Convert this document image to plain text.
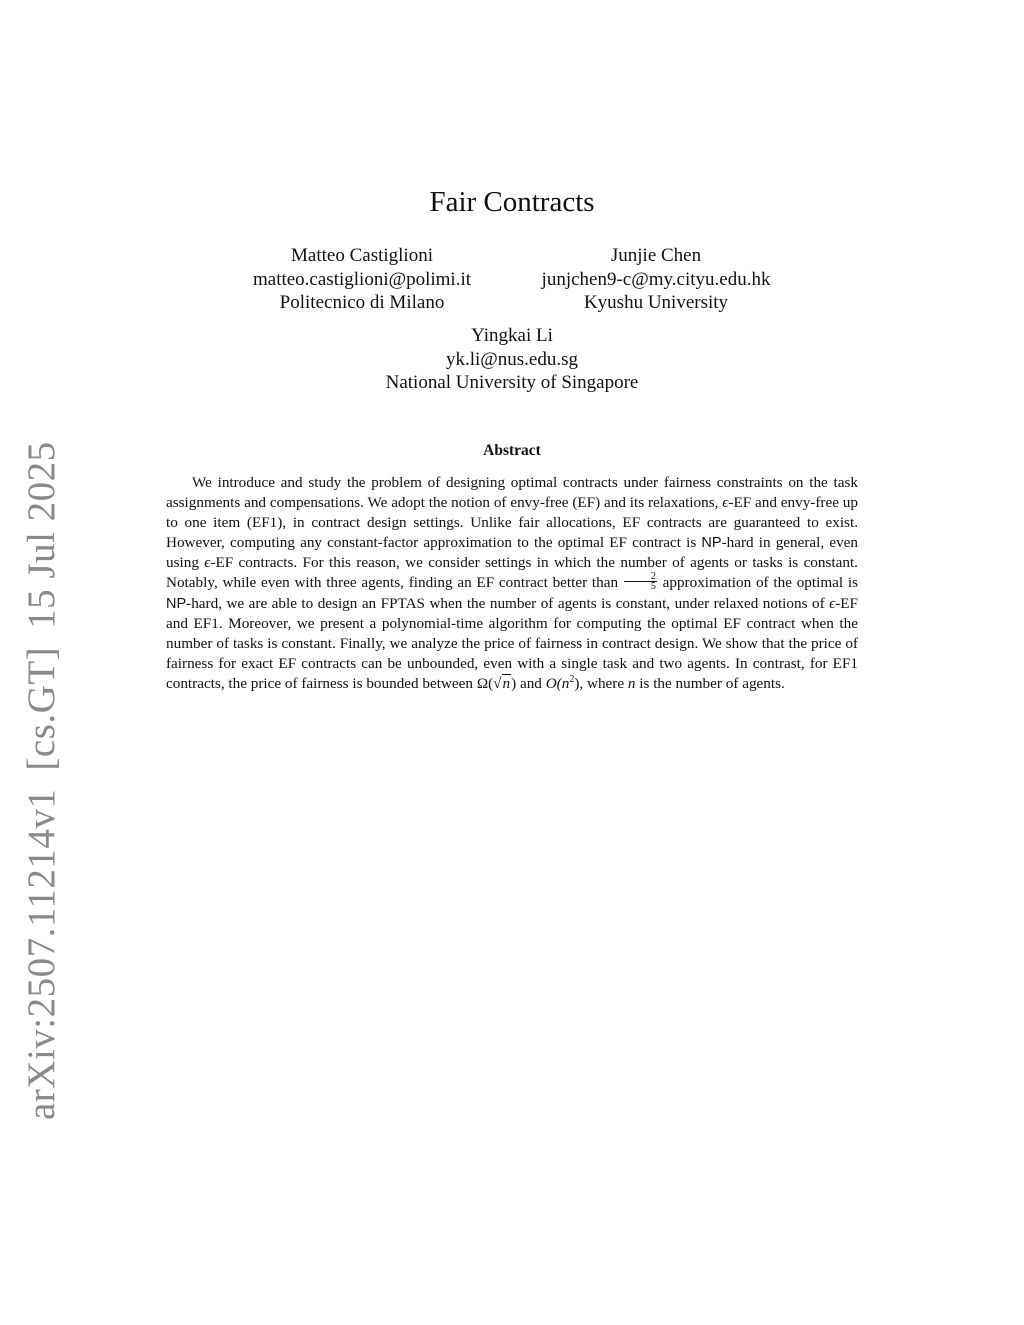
arXiv:2507.11214v1[cs.GT]15 Jul 2025
Fair Contracts
Matteo Castiglioni
matteo.castiglioni@polimi.it
Politecnico di Milano
Junjie Chen
junjchen9-c@my.cityu.edu.hk
Kyushu University
Yingkai Li
yk.li@nus.edu.sg
National University of Singapore
Abstract

We introduce and study the problem of designing optimal contracts under fairness constraints on the task assignments and compensations. We adopt the notion of envy-free (EF) and its relaxations, ϵ-EF and envy-free up to one item (EF1), in contract design settings. Unlike fair allocations, EF contracts are guaranteed to exist. However, computing any constant-factor approximation to the optimal EF contract is NP-hard in general, even using ϵ-EF contracts. For this reason, we consider settings in which the number of agents or tasks is constant. Notably, while even with three agents, finding an EF contract better than $\frac{2}{5}$ approximation of the optimal is NP-hard, we are able to design an FPTAS when the number of agents is constant, under relaxed notions of ϵ-EF and EF1. Moreover, we present a polynomial-time algorithm for computing the optimal EF contract when the number of tasks is constant. Finally, we analyze the price of fairness in contract design. We show that the price of fairness for exact EF contracts can be unbounded, even with a single task and two agents. In contrast, for EF1 contracts, the price of fairness is bounded between Ω(√n) and $O(n^2)$, where n is the number of agents.
